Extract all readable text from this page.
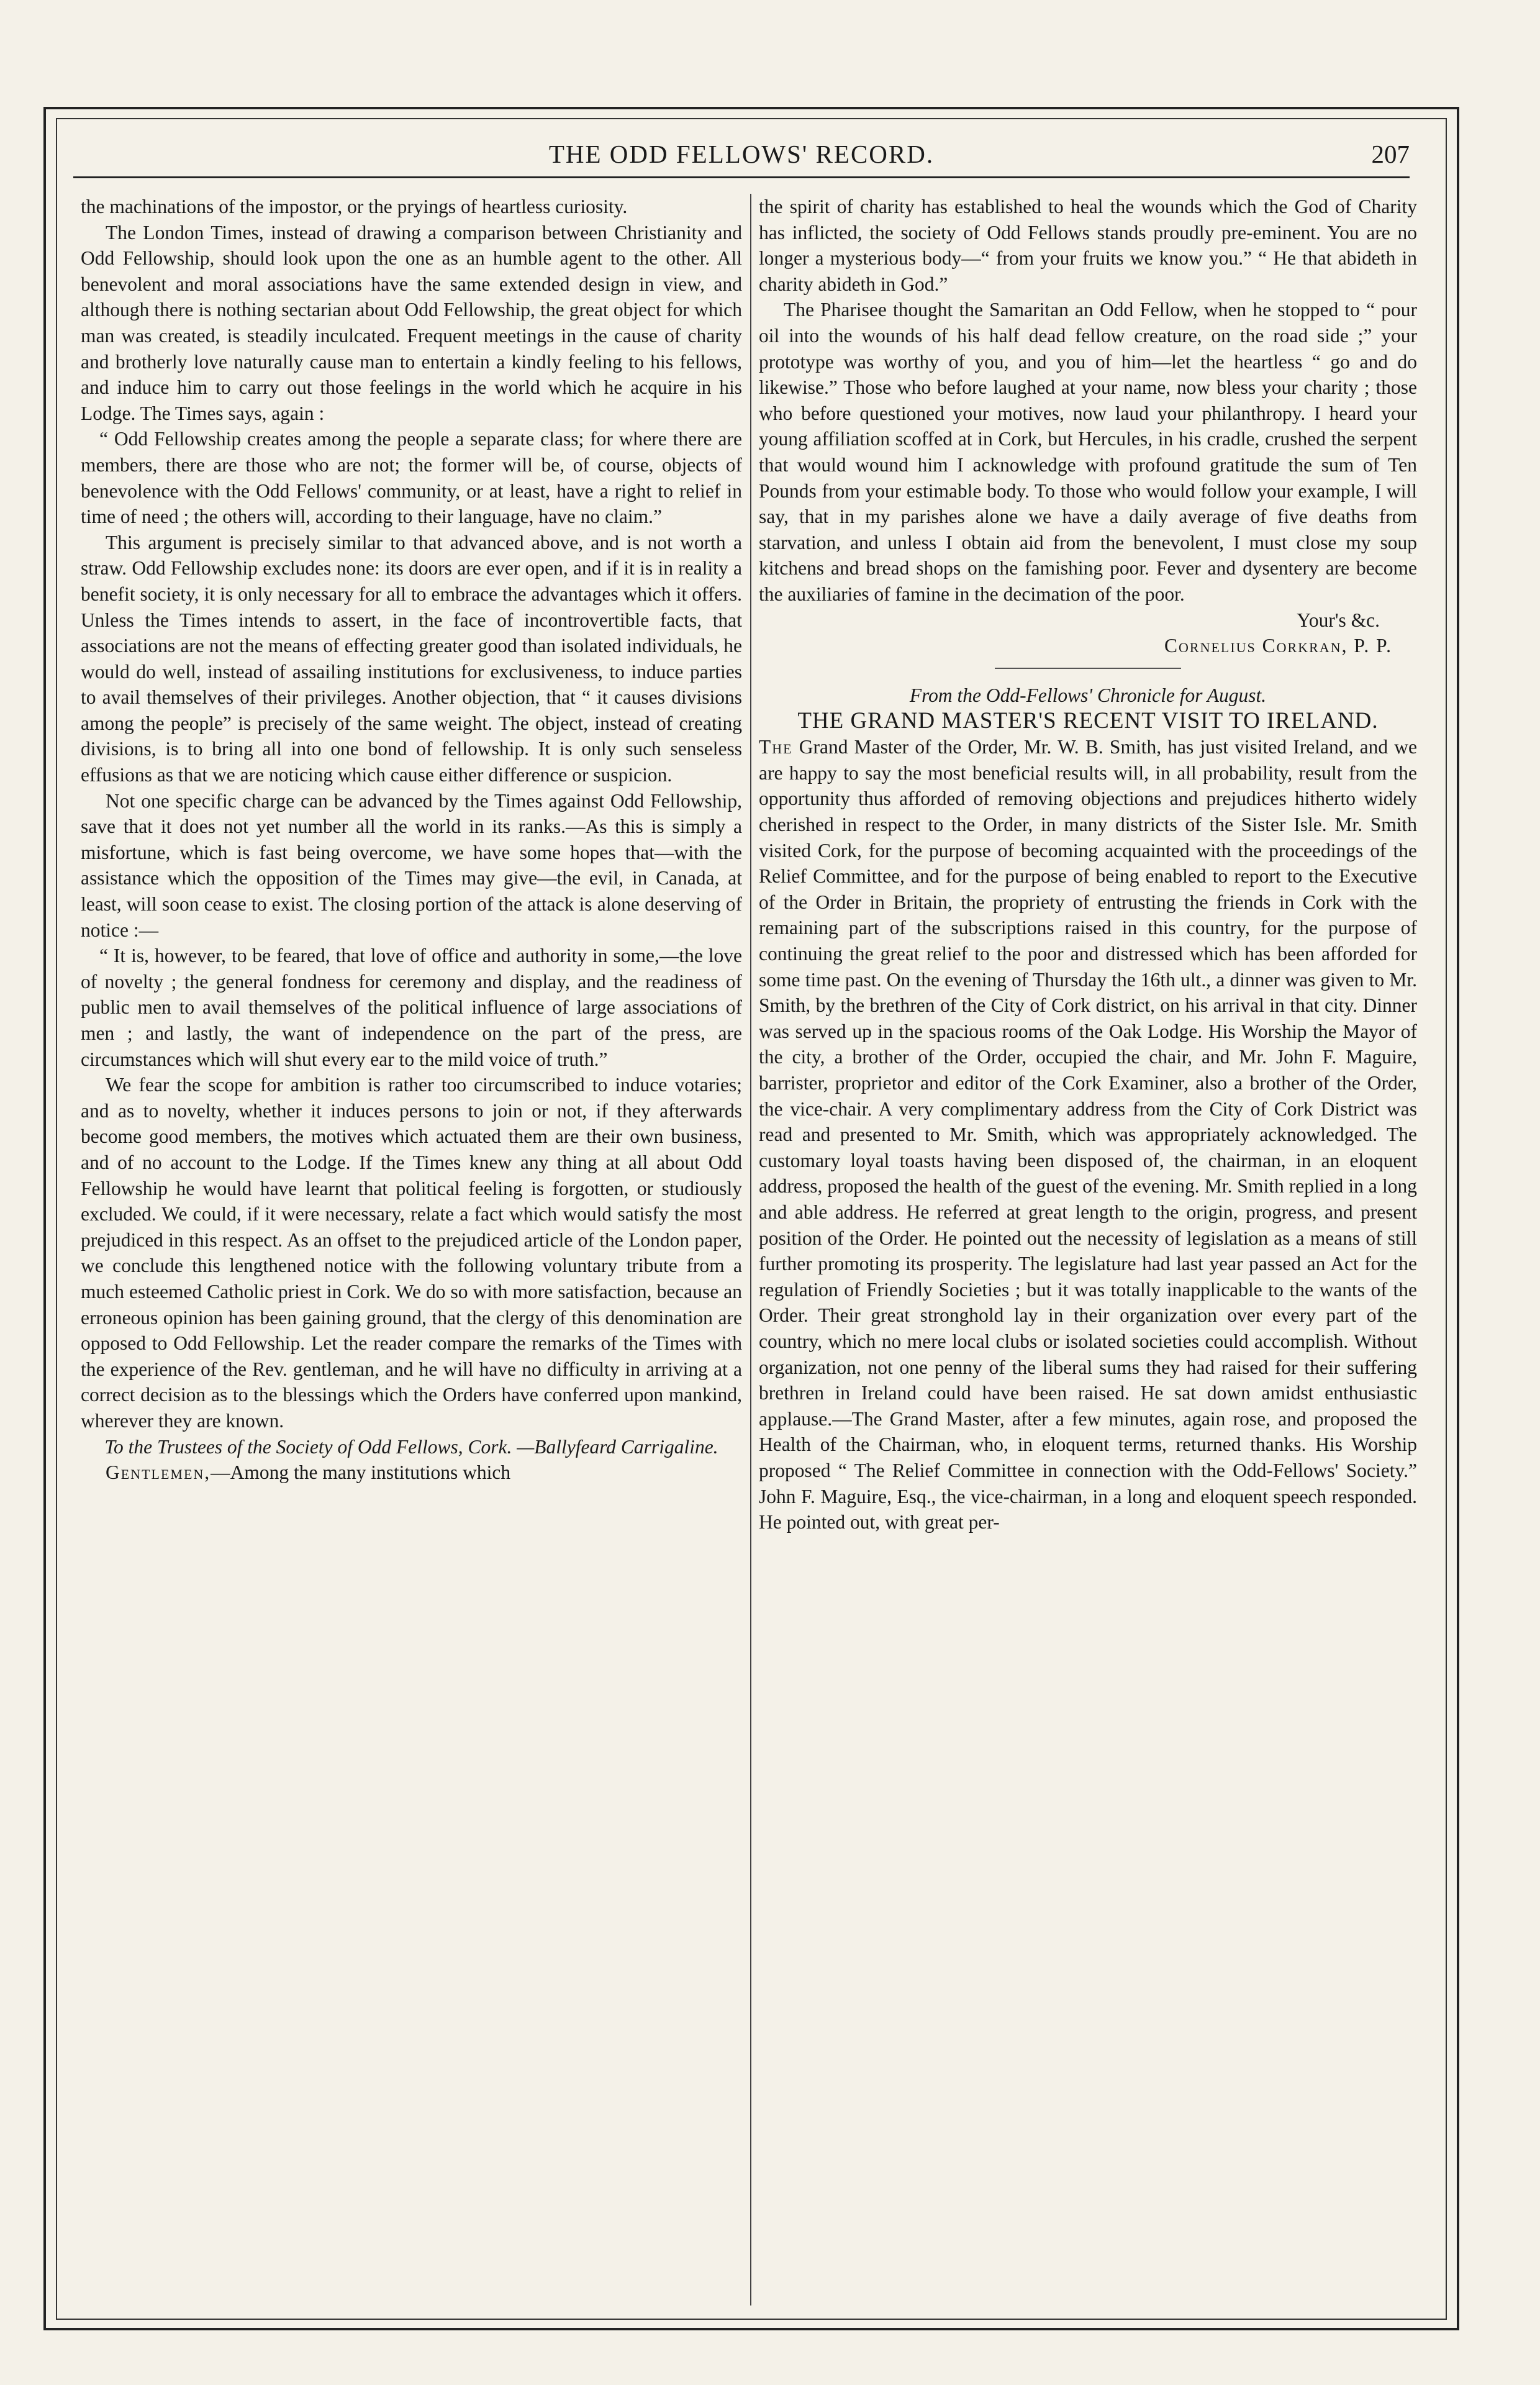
THE ODD FELLOWS' RECORD.	207

the machinations of the impostor, or the pryings of heartless curiosity.

The London Times, instead of drawing a comparison between Christianity and Odd Fellowship, should look upon the one as an humble agent to the other. All benevolent and moral associations have the same extended design in view, and although there is nothing sectarian about Odd Fellowship, the great object for which man was created, is steadily inculcated. Frequent meetings in the cause of charity and brotherly love naturally cause man to entertain a kindly feeling to his fellows, and induce him to carry out those feelings in the world which he acquire in his Lodge. The Times says, again :

“ Odd Fellowship creates among the people a separate class; for where there are members, there are those who are not; the former will be, of course, objects of benevolence with the Odd Fellows' community, or at least, have a right to relief in time of need ; the others will, according to their language, have no claim.”

This argument is precisely similar to that advanced above, and is not worth a straw. Odd Fellowship excludes none: its doors are ever open, and if it is in reality a benefit society, it is only necessary for all to embrace the advantages which it offers. Unless the Times intends to assert, in the face of incontrovertible facts, that associations are not the means of effecting greater good than isolated individuals, he would do well, instead of assailing institutions for exclusiveness, to induce parties to avail themselves of their privileges. Another objection, that “ it causes divisions among the people” is precisely of the same weight. The object, instead of creating divisions, is to bring all into one bond of fellowship. It is only such senseless effusions as that we are noticing which cause either difference or suspicion.

Not one specific charge can be advanced by the Times against Odd Fellowship, save that it does not yet number all the world in its ranks.—As this is simply a misfortune, which is fast being overcome, we have some hopes that—with the assistance which the opposition of the Times may give—the evil, in Canada, at least, will soon cease to exist. The closing portion of the attack is alone deserving of notice :—

“ It is, however, to be feared, that love of office and authority in some,—the love of novelty ; the general fondness for ceremony and display, and the readiness of public men to avail themselves of the political influence of large associations of men ; and lastly, the want of independence on the part of the press, are circumstances which will shut every ear to the mild voice of truth.”

We fear the scope for ambition is rather too circumscribed to induce votaries; and as to novelty, whether it induces persons to join or not, if they afterwards become good members, the motives which actuated them are their own business, and of no account to the Lodge. If the Times knew any thing at all about Odd Fellowship he would have learnt that political feeling is forgotten, or studiously excluded. We could, if it were necessary, relate a fact which would satisfy the most prejudiced in this respect. As an offset to the prejudiced article of the London paper, we conclude this lengthened notice with the following voluntary tribute from a much esteemed Catholic priest in Cork. We do so with more satisfaction, because an erroneous opinion has been gaining ground, that the clergy of this denomination are opposed to Odd Fellowship. Let the reader compare the remarks of the Times with the experience of the Rev. gentleman, and he will have no difficulty in arriving at a correct decision as to the blessings which the Orders have conferred upon mankind, wherever they are known.

To the Trustees of the Society of Odd Fellows, Cork. —Ballyfeard Carrigaline.

Gentlemen,—Among the many institutions which

the spirit of charity has established to heal the wounds which the God of Charity has inflicted, the society of Odd Fellows stands proudly pre-eminent. You are no longer a mysterious body—“ from your fruits we know you.” “ He that abideth in charity abideth in God.”

The Pharisee thought the Samaritan an Odd Fellow, when he stopped to “ pour oil into the wounds of his half dead fellow creature, on the road side ;” your prototype was worthy of you, and you of him—let the heartless “ go and do likewise.” Those who before laughed at your name, now bless your charity ; those who before questioned your motives, now laud your philanthropy. I heard your young affiliation scoffed at in Cork, but Hercules, in his cradle, crushed the serpent that would wound him I acknowledge with profound gratitude the sum of Ten Pounds from your estimable body. To those who would follow your example, I will say, that in my parishes alone we have a daily average of five deaths from starvation, and unless I obtain aid from the benevolent, I must close my soup kitchens and bread shops on the famishing poor. Fever and dysentery are become the auxiliaries of famine in the decimation of the poor.

Your's &c.

Cornelius Corkran, P. P.

From the Odd-Fellows' Chronicle for August.

THE GRAND MASTER'S RECENT VISIT TO IRELAND.

The Grand Master of the Order, Mr. W. B. Smith, has just visited Ireland, and we are happy to say the most beneficial results will, in all probability, result from the opportunity thus afforded of removing objections and prejudices hitherto widely cherished in respect to the Order, in many districts of the Sister Isle. Mr. Smith visited Cork, for the purpose of becoming acquainted with the proceedings of the Relief Committee, and for the purpose of being enabled to report to the Executive of the Order in Britain, the propriety of entrusting the friends in Cork with the remaining part of the subscriptions raised in this country, for the purpose of continuing the great relief to the poor and distressed which has been afforded for some time past. On the evening of Thursday the 16th ult., a dinner was given to Mr. Smith, by the brethren of the City of Cork district, on his arrival in that city. Dinner was served up in the spacious rooms of the Oak Lodge. His Worship the Mayor of the city, a brother of the Order, occupied the chair, and Mr. John F. Maguire, barrister, proprietor and editor of the Cork Examiner, also a brother of the Order, the vice-chair. A very complimentary address from the City of Cork District was read and presented to Mr. Smith, which was appropriately acknowledged. The customary loyal toasts having been disposed of, the chairman, in an eloquent address, proposed the health of the guest of the evening. Mr. Smith replied in a long and able address. He referred at great length to the origin, progress, and present position of the Order. He pointed out the necessity of legislation as a means of still further promoting its prosperity. The legislature had last year passed an Act for the regulation of Friendly Societies ; but it was totally inapplicable to the wants of the Order. Their great stronghold lay in their organization over every part of the country, which no mere local clubs or isolated societies could accomplish. Without organization, not one penny of the liberal sums they had raised for their suffering brethren in Ireland could have been raised. He sat down amidst enthusiastic applause.—The Grand Master, after a few minutes, again rose, and proposed the Health of the Chairman, who, in eloquent terms, returned thanks. His Worship proposed “ The Relief Committee in connection with the Odd-Fellows' Society.” John F. Maguire, Esq., the vice-chairman, in a long and eloquent speech responded. He pointed out, with great per-
